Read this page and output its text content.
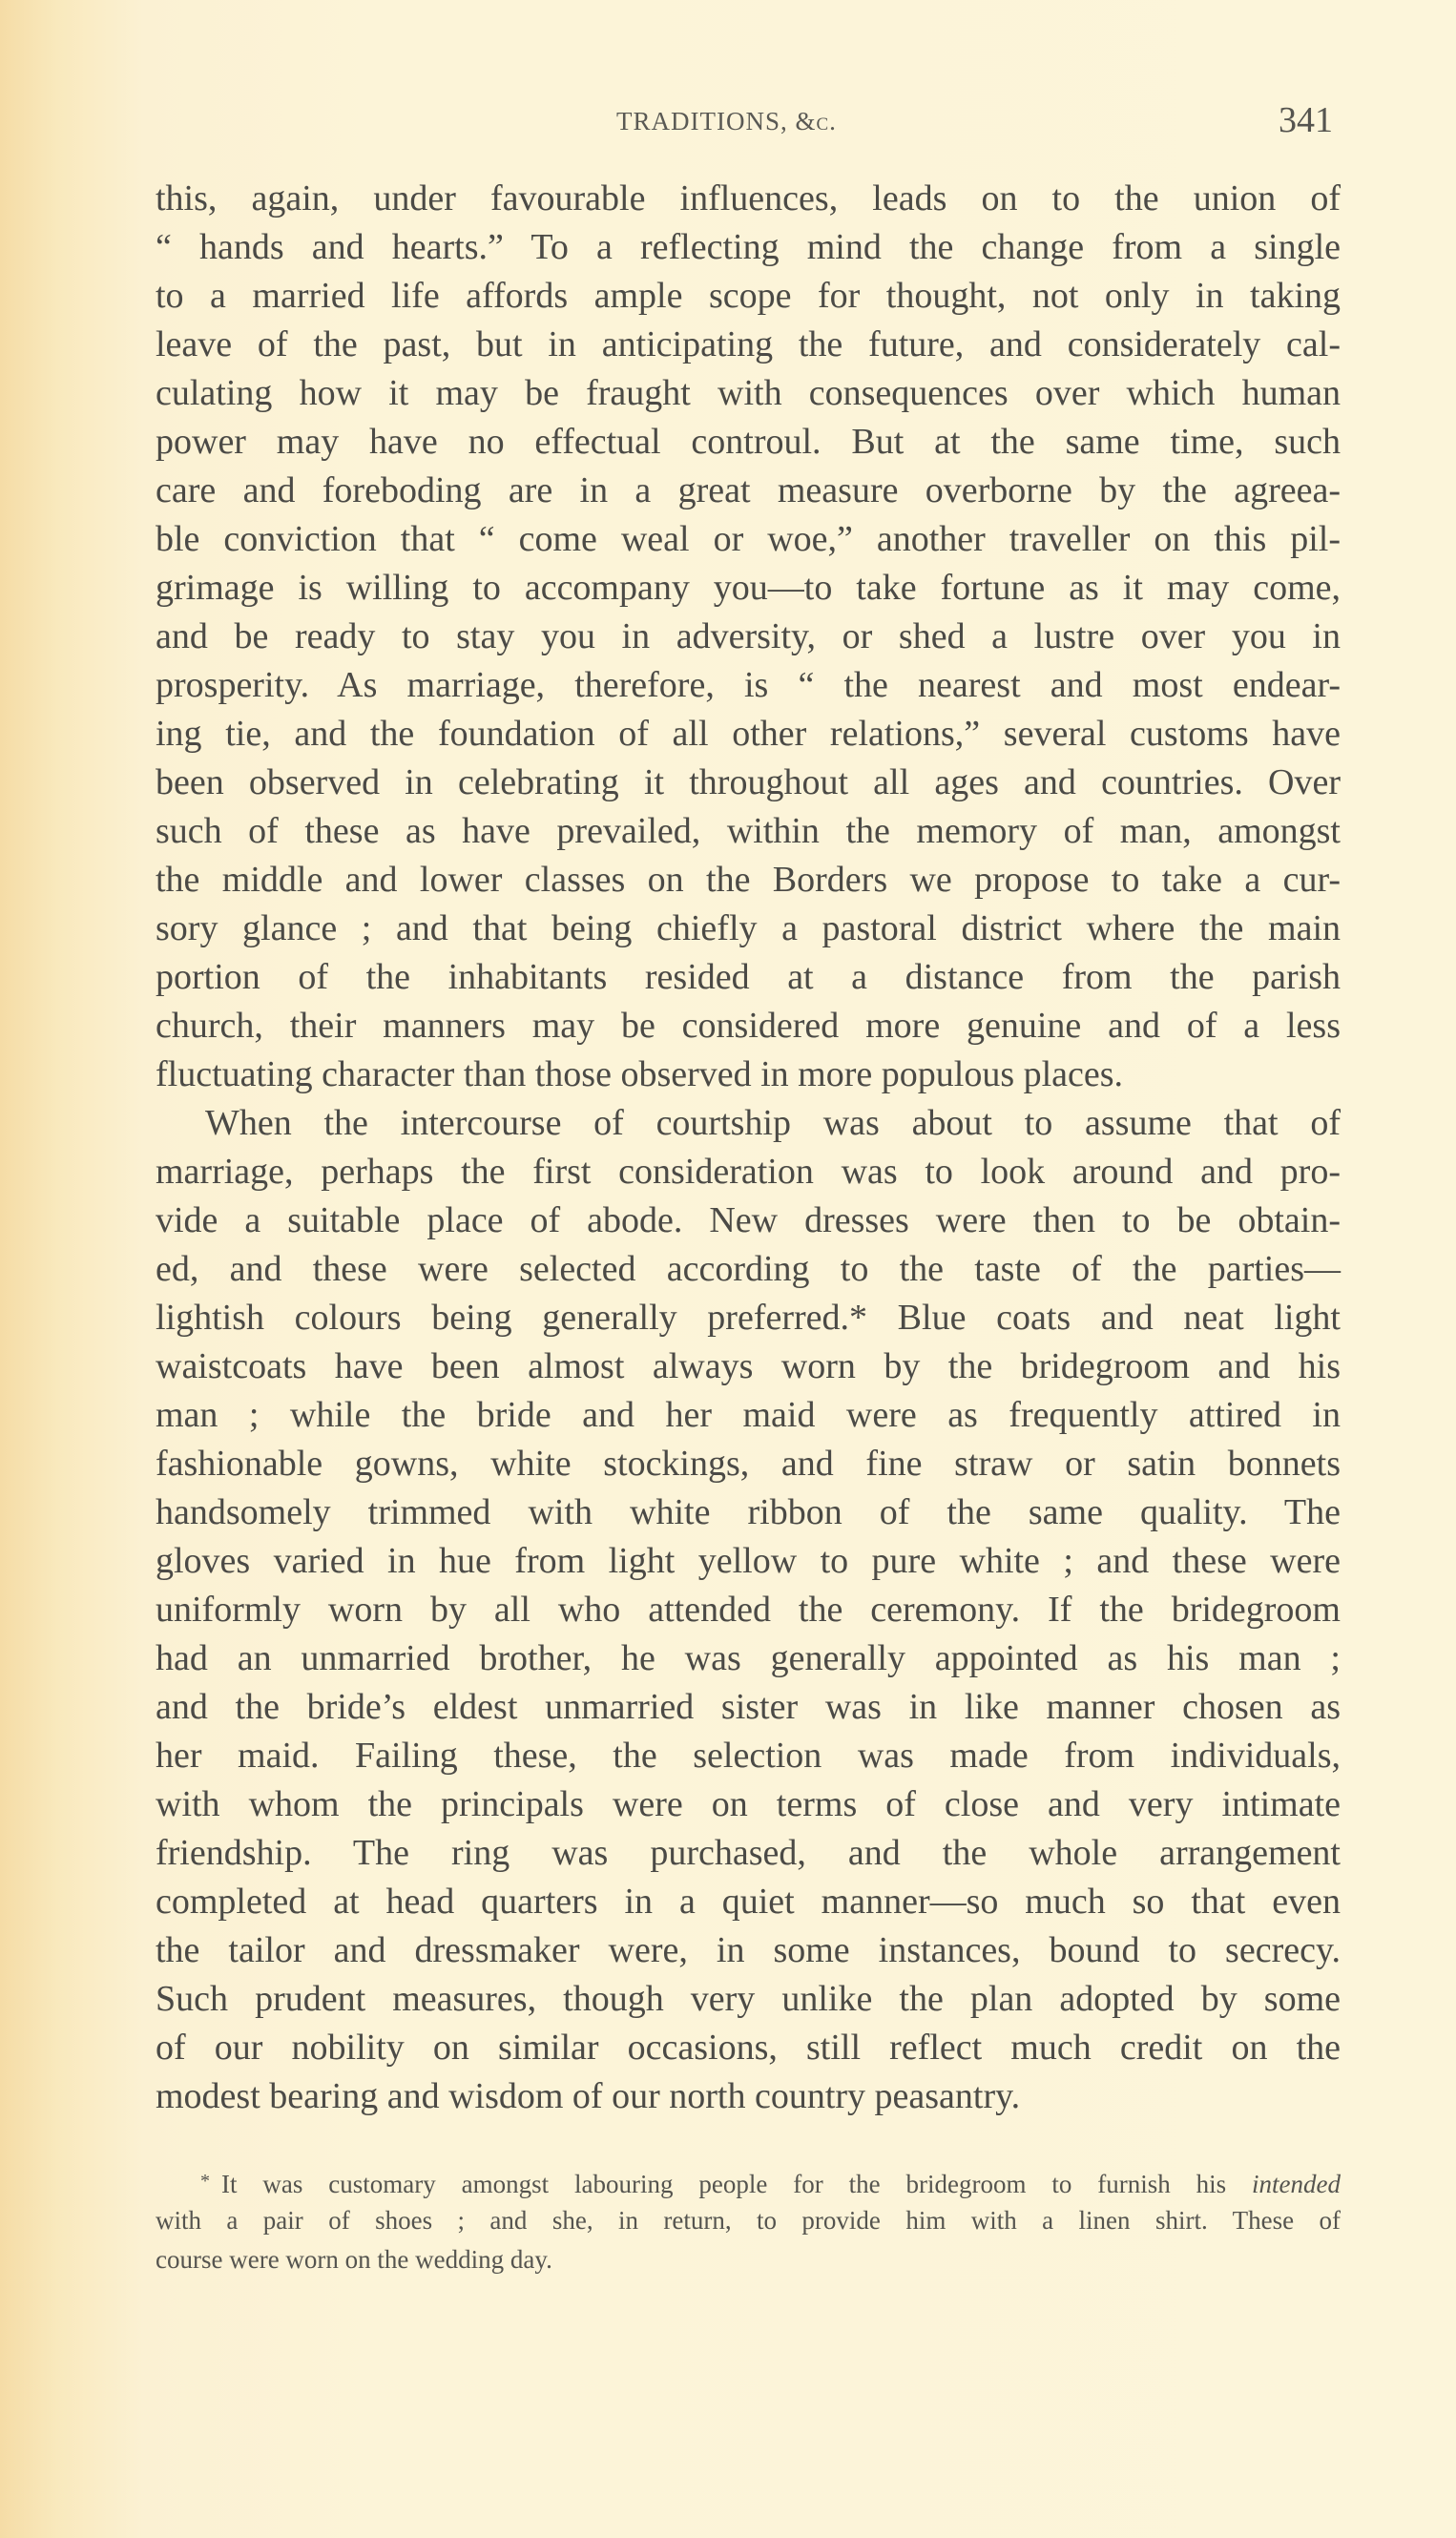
TRADITIONS, &c.	341
this, again, under favourable influences, leads on to the union of
“ hands and hearts.” To a reflecting mind the change from a single
to a married life affords ample scope for thought, not only in taking
leave of the past, but in anticipating the future, and considerately cal-
culating how it may be fraught with consequences over which human
power may have no effectual controul. But at the same time, such
care and foreboding are in a great measure overborne by the agreea-
ble conviction that “ come weal or woe,” another traveller on this pil-
grimage is willing to accompany you—to take fortune as it may come,
and be ready to stay you in adversity, or shed a lustre over you in
prosperity. As marriage, therefore, is “ the nearest and most endear-
ing tie, and the foundation of all other relations,” several customs have
been observed in celebrating it throughout all ages and countries. Over
such of these as have prevailed, within the memory of man, amongst
the middle and lower classes on the Borders we propose to take a cur-
sory glance ; and that being chiefly a pastoral district where the main
portion of the inhabitants resided at a distance from the parish
church, their manners may be considered more genuine and of a less
fluctuating character than those observed in more populous places.
When the intercourse of courtship was about to assume that of
marriage, perhaps the first consideration was to look around and pro-
vide a suitable place of abode. New dresses were then to be obtain-
ed, and these were selected according to the taste of the parties—
lightish colours being generally preferred.* Blue coats and neat light
waistcoats have been almost always worn by the bridegroom and his
man ; while the bride and her maid were as frequently attired in
fashionable gowns, white stockings, and fine straw or satin bonnets
handsomely trimmed with white ribbon of the same quality. The
gloves varied in hue from light yellow to pure white ; and these were
uniformly worn by all who attended the ceremony. If the bridegroom
had an unmarried brother, he was generally appointed as his man ;
and the bride’s eldest unmarried sister was in like manner chosen as
her maid. Failing these, the selection was made from individuals,
with whom the principals were on terms of close and very intimate
friendship. The ring was purchased, and the whole arrangement
completed at head quarters in a quiet manner—so much so that even
the tailor and dressmaker were, in some instances, bound to secrecy.
Such prudent measures, though very unlike the plan adopted by some
of our nobility on similar occasions, still reflect much credit on the
modest bearing and wisdom of our north country peasantry.
* It was customary amongst labouring people for the bridegroom to furnish his intended
with a pair of shoes ; and she, in return, to provide him with a linen shirt. These of
course were worn on the wedding day.
